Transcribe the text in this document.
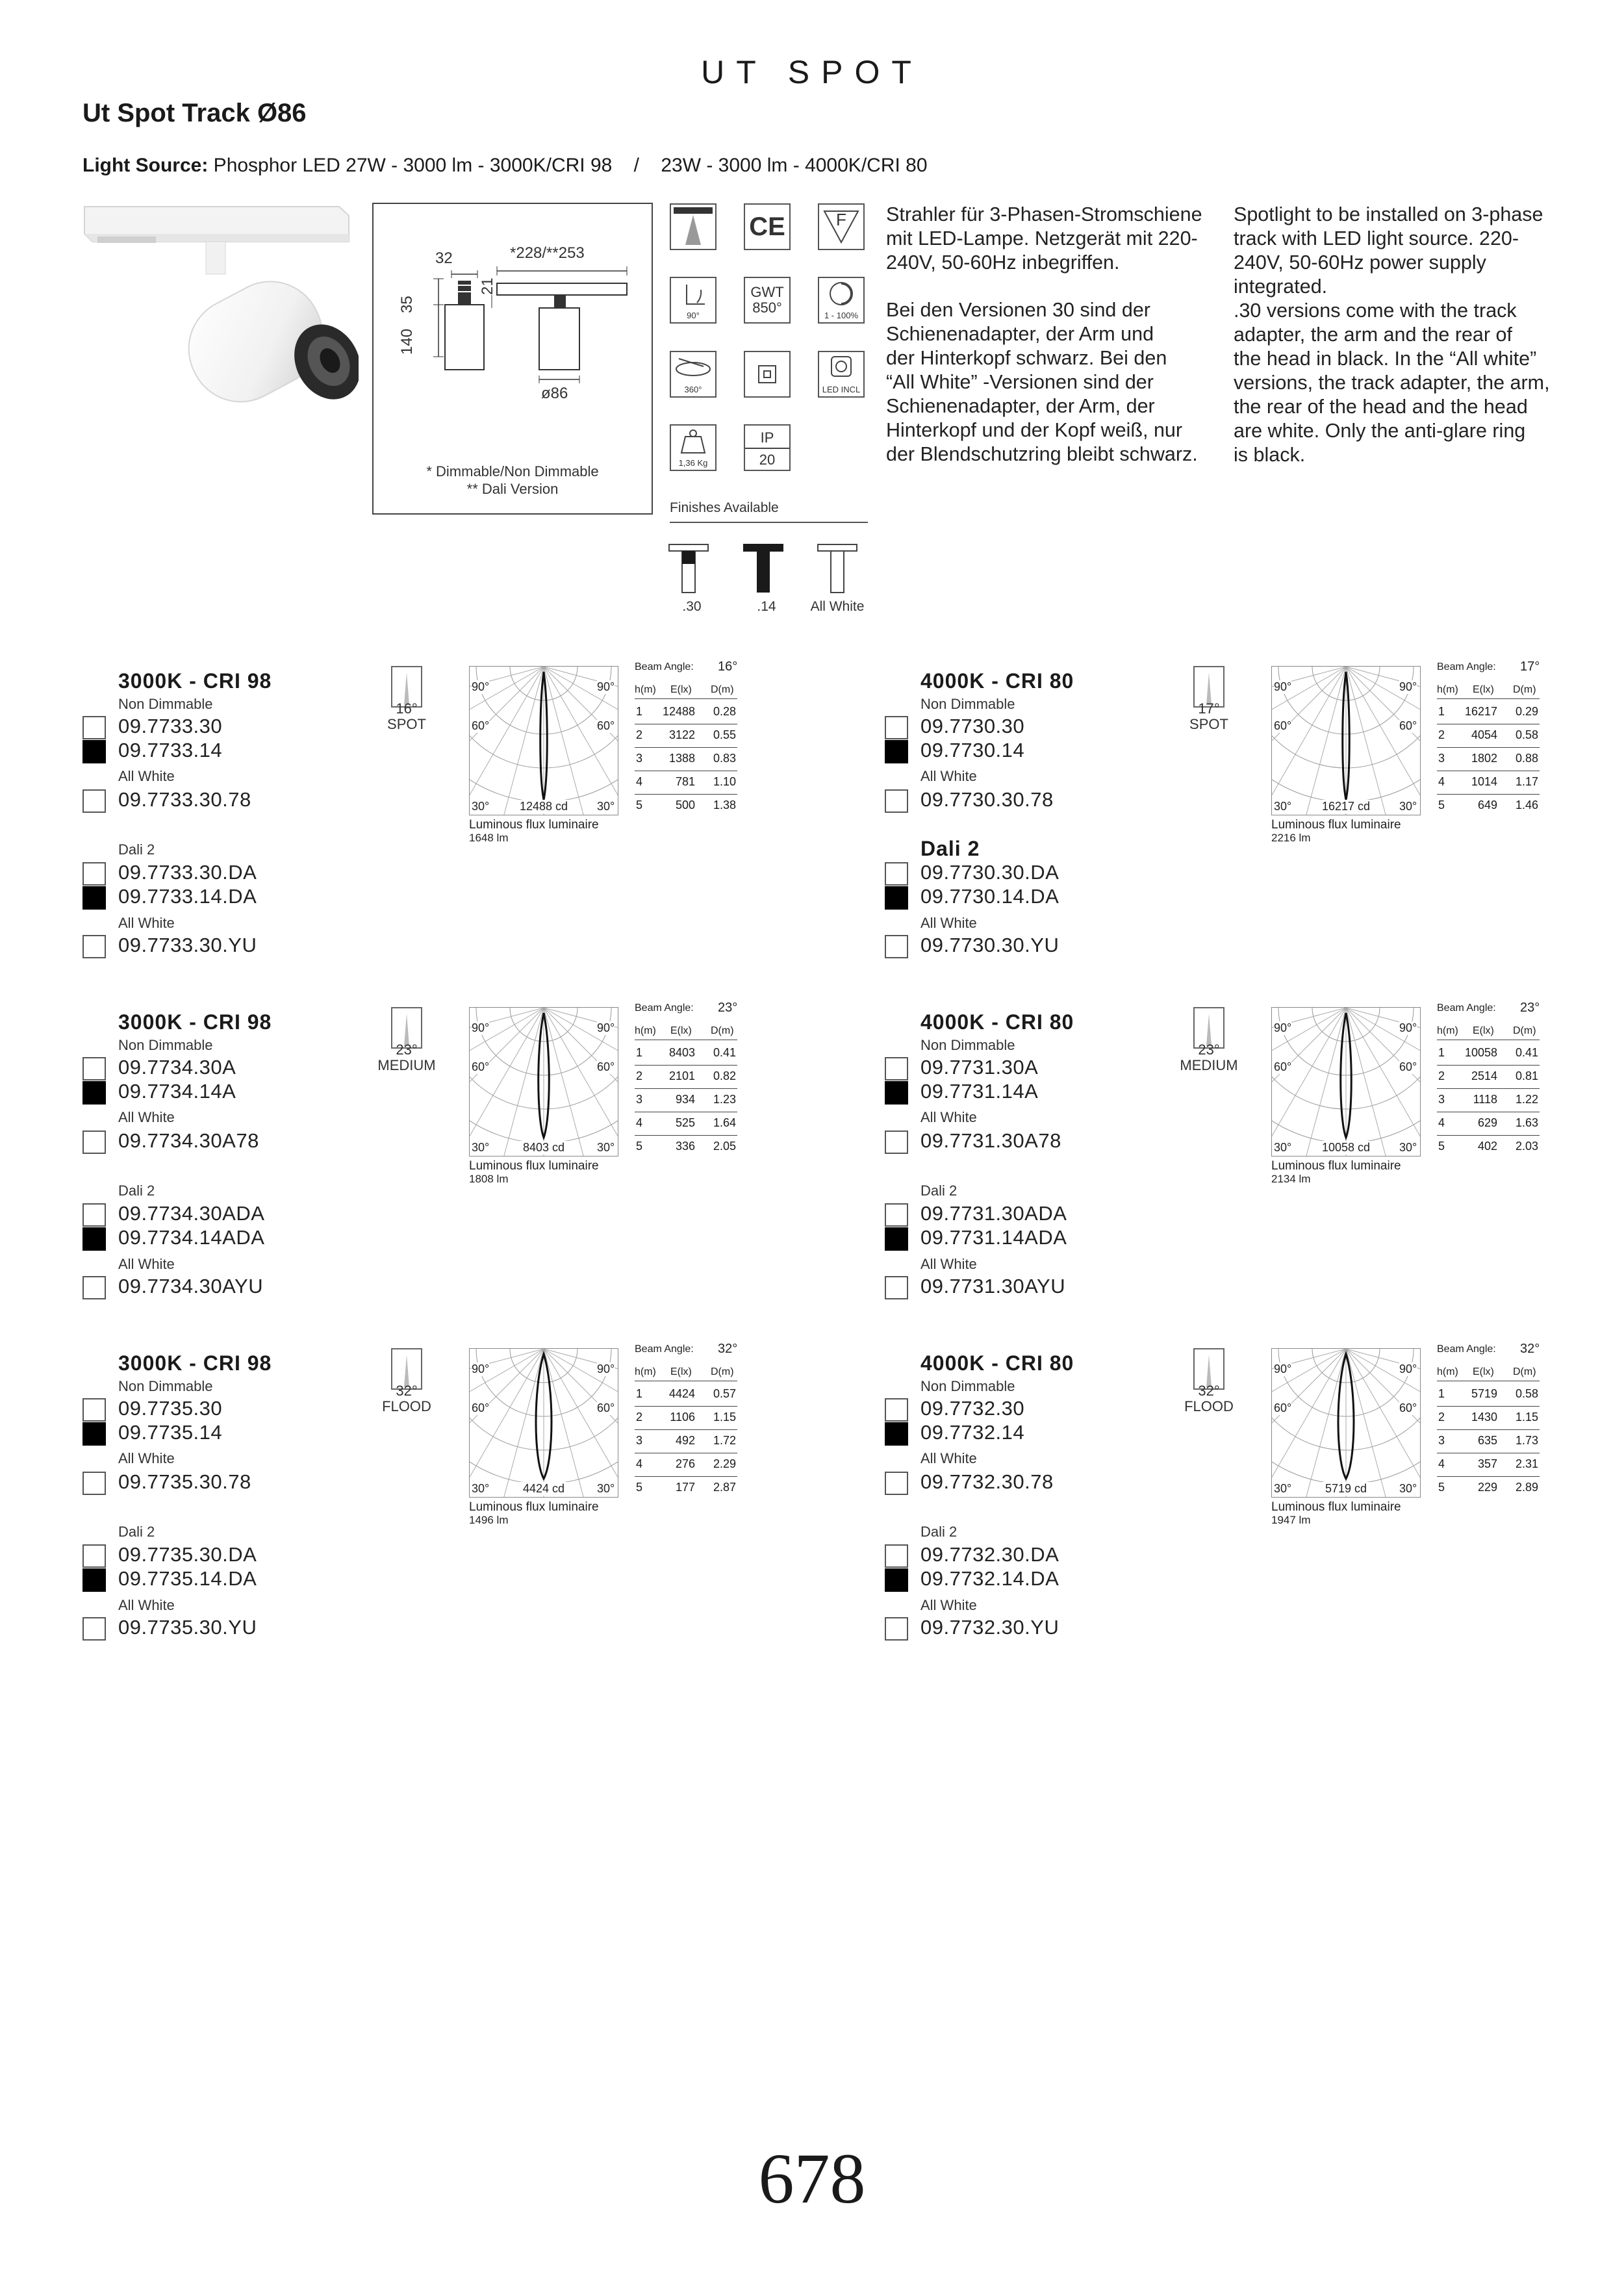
UT SPOT
Ut Spot Track Ø86
Light Source: Phosphor LED 27W - 3000 lm - 3000K/CRI 98    /    23W - 3000 lm - 4000K/CRI 80
32	*228/**253
21
140
35
ø86
* Dimmable/Non Dimmable
** Dali Version
CE	F
90°
GWT
850°	1 - 100%
360°	LED INCL
1,36 Kg
IP
20
Finishes Available
.30	.14	All White
Strahler für 3-Phasen-Stromschiene
mit LED-Lampe. Netzgerät mit 220-
240V, 50-60Hz inbegriffen.
Bei den Versionen 30 sind der
Schienenadapter, der Arm und
der Hinterkopf schwarz. Bei den
“All White” -Versionen sind der
Schienenadapter, der Arm, der
Hinterkopf und der Kopf weiß, nur
der Blendschutzring bleibt schwarz.
Spotlight to be installed on 3-phase
track with LED light source. 220-
240V, 50-60Hz power supply
integrated.
.30 versions come with the track
adapter, the arm and the rear of
the head in black. In the “All white”
versions, the track adapter, the arm,
the rear of the head and the head
are white. Only the anti-glare ring
is black.
3000K - CRI 98
Non Dimmable
09.7733.30
09.7733.14
09.7733.30.78
09.7733.30.DA
09.7733.14.DA
09.7733.30.YU
All White
Dali 2
All White
16°
SPOT
90°	90°
60°	60°
30°	30°
12488 cd
Luminous flux luminaire
1648 lm
Beam Angle: 16°
h(m) E(lx) D(m)
1	12488	0.28
2	3122	0.55
3	1388	0.83
4	781	1.10
5	500	1.38
4000K - CRI 80
Non Dimmable
09.7730.30
09.7730.14
09.7730.30.78
09.7730.30.DA
09.7730.14.DA
09.7730.30.YU
All White
Dali 2
All White
17°
SPOT
90°	90°
60°	60°
30°	30°
16217 cd
Luminous flux luminaire
2216 lm
Beam Angle: 17°
h(m) E(lx) D(m)
1	16217	0.29
2	4054	0.58
3	1802	0.88
4	1014	1.17
5	649	1.46
3000K - CRI 98
Non Dimmable
09.7734.30A
09.7734.14A
09.7734.30A78
09.7734.30ADA
09.7734.14ADA
09.7734.30AYU
All White
Dali 2
All White
23°
MEDIUM
90°	90°
60°	60°
30°	30°
8403 cd
Luminous flux luminaire
1808 lm
Beam Angle: 23°
h(m) E(lx) D(m)
1	8403	0.41
2	2101	0.82
3	934	1.23
4	525	1.64
5	336	2.05
4000K - CRI 80
Non Dimmable
09.7731.30A
09.7731.14A
09.7731.30A78
09.7731.30ADA
09.7731.14ADA
09.7731.30AYU
All White
Dali 2
All White
23°
MEDIUM
90°	90°
60°	60°
30°	30°
10058 cd
Luminous flux luminaire
2134 lm
Beam Angle: 23°
h(m) E(lx) D(m)
1	10058	0.41
2	2514	0.81
3	1118	1.22
4	629	1.63
5	402	2.03
3000K - CRI 98
Non Dimmable
09.7735.30
09.7735.14
09.7735.30.78
09.7735.30.DA
09.7735.14.DA
09.7735.30.YU
All White
Dali 2
All White
32°
FLOOD
90°	90°
60°	60°
30°	30°
4424 cd
Luminous flux luminaire
1496 lm
Beam Angle: 32°
h(m) E(lx) D(m)
1	4424	0.57
2	1106	1.15
3	492	1.72
4	276	2.29
5	177	2.87
4000K - CRI 80
Non Dimmable
09.7732.30
09.7732.14
09.7732.30.78
09.7732.30.DA
09.7732.14.DA
09.7732.30.YU
All White
Dali 2
All White
32°
FLOOD
90°	90°
60°	60°
30°	30°
5719 cd
Luminous flux luminaire
1947 lm
Beam Angle: 32°
h(m) E(lx) D(m)
1	5719	0.58
2	1430	1.15
3	635	1.73
4	357	2.31
5	229	2.89
678
